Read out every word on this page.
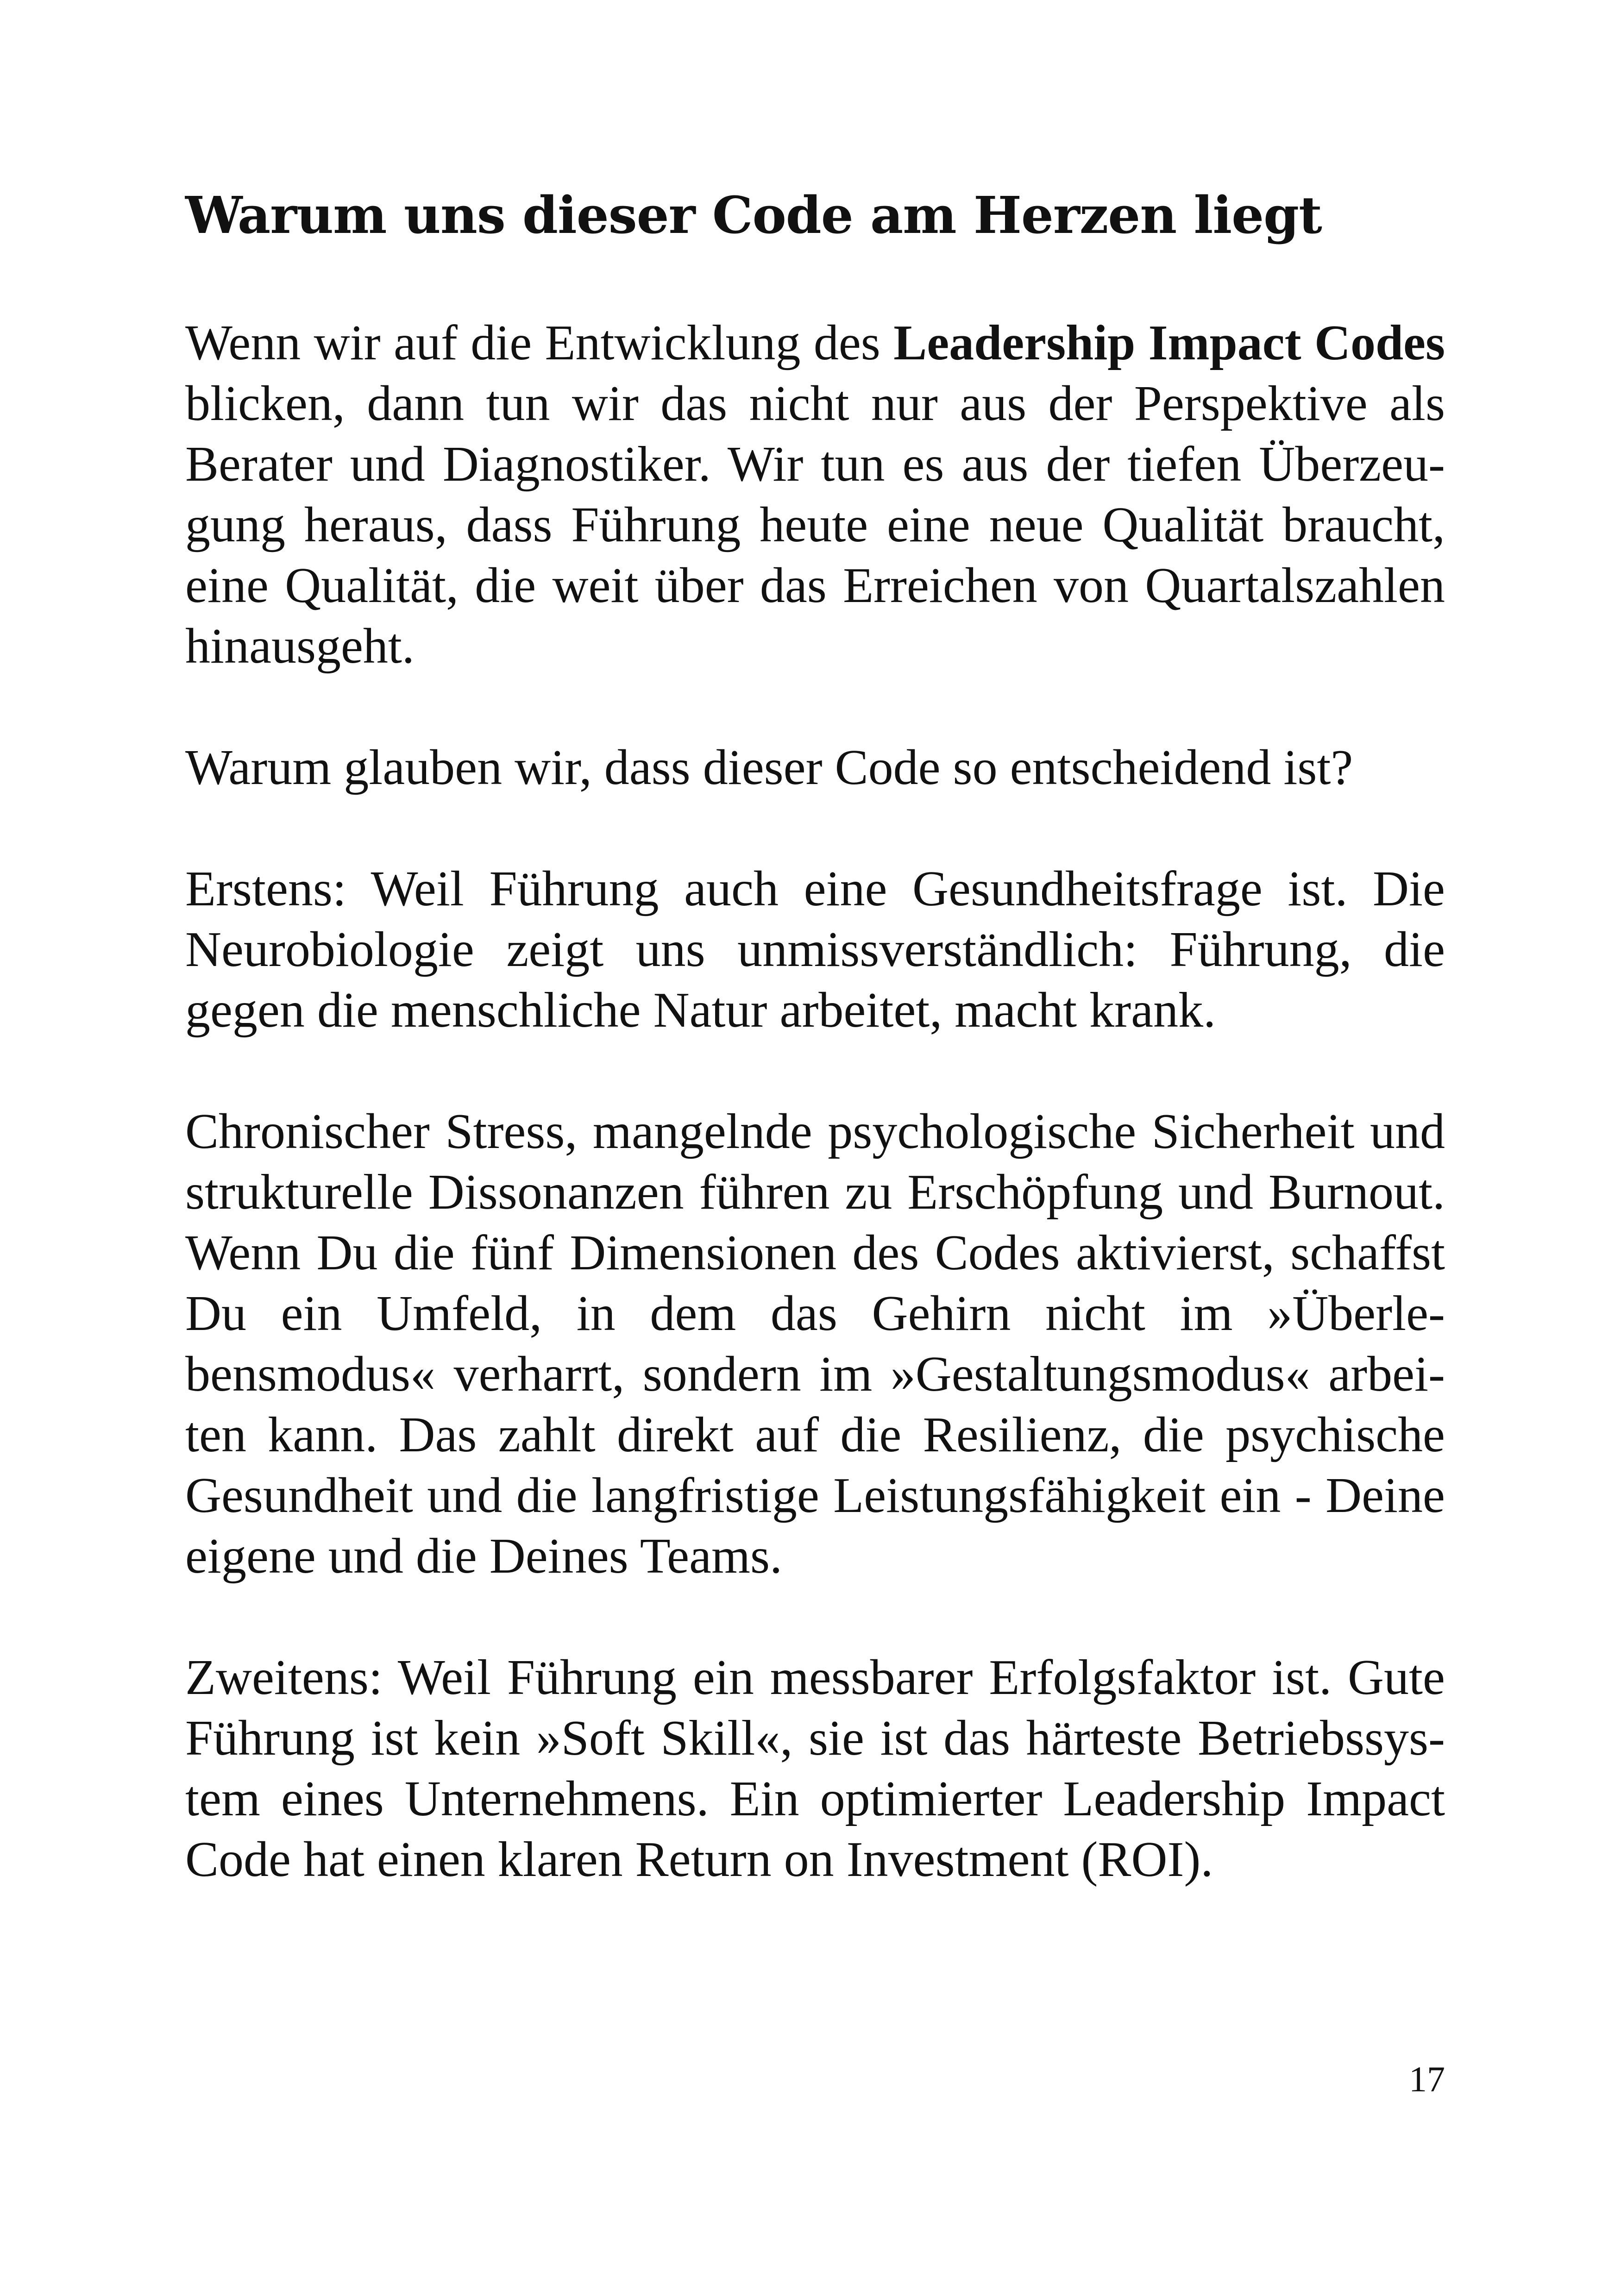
Warum uns dieser Code am Herzen liegt

Wenn wir auf die Entwicklung des Leadership Impact Codes blicken, dann tun wir das nicht nur aus der Perspektive als Berater und Diagnostiker. Wir tun es aus der tiefen Überzeugung heraus, dass Führung heute eine neue Qualität braucht, eine Qualität, die weit über das Erreichen von Quartalszahlen hinausgeht.

Warum glauben wir, dass dieser Code so entscheidend ist?

Erstens: Weil Führung auch eine Gesundheitsfrage ist. Die Neurobiologie zeigt uns unmissverständlich: Führung, die gegen die menschliche Natur arbeitet, macht krank.

Chronischer Stress, mangelnde psychologische Sicherheit und strukturelle Dissonanzen führen zu Erschöpfung und Burnout. Wenn Du die fünf Dimensionen des Codes aktivierst, schaffst Du ein Umfeld, in dem das Gehirn nicht im »Überlebensmodus« verharrt, sondern im »Gestaltungsmodus« arbeiten kann. Das zahlt direkt auf die Resilienz, die psychische Gesundheit und die langfristige Leistungsfähigkeit ein - Deine eigene und die Deines Teams.

Zweitens: Weil Führung ein messbarer Erfolgsfaktor ist. Gute Führung ist kein »Soft Skill«, sie ist das härteste Betriebssystem eines Unternehmens. Ein optimierter Leadership Impact Code hat einen klaren Return on Investment (ROI).

17
